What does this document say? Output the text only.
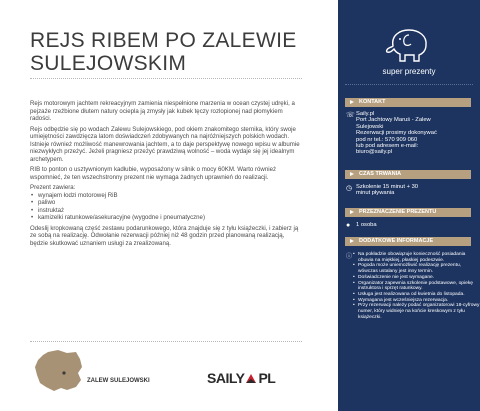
REJS RIBEM PO ZALEWIE
SULEJOWSKIM

Rejs motorowym jachtem rekreacyjnym zamienia niespełnione marzenia w ocean czystej udręki, a pejzaże rzeźbione dłutem natury ociepla ją zmysły jak kubek tęczy rozlopionej nad płomykiem radości.

Rejs odbędzie się po wodach Zalewu Sulejowskiego, pod okiem znakomitego sternika, który swoje umiejętności zawdzięcza latom doświadczeń zdobywanych na najróżniejszych polskich wodach. Istnieje również możliwość manewrowania jachtem, a to daje perspektywę nowego wpisu w albumie niezwykłych przeżyć. Jeżeli pragniesz przeżyć prawdziwą wolność – woda wydaje się jej idealnym archetypem.

RIB to ponton o usztywnionym kadłubie, wyposażony w silnik o mocy 60KM. Warto również wspomnieć, że ten wszechstronny prezent nie wymaga żadnych uprawnień do realizacji.

Prezent zawiera:
• wynajem łodzi motorowej RiB
• paliwo
• instruktaż
• kamizelki ratunkowe/asekuracyjne (wygodne i pneumatyczne)

Odeslij kropkowaną część zestawu podarunkowego, która znajduje się z tyłu książeczki, i zabierz ją ze sobą na realizację. Odwołanie rezerwacji później niż 48 godzin przed planowaną realizacją, będzie skutkować uznaniem usługi za zrealizowaną.

ZALEW SULEJOWSKI	SAILY PL
super prezenty
KONTAKT
☏ Saily.pl
Port Jachtowy Maruś - Zalew
Sulejowski
Rezerwacji prosimy dokonywać
pod nr tel.: 570 909 060
lub pod adresem e-mail:
biuro@saily.pl
CZAS TRWANIA
◷ Szkolenie 15 minut + 30
minut pływania
PRZEZNACZENIE PREZENTU
● 1 osoba
DODATKOWE INFORMACJE
ⓘ
• Na pokładzie obowiązuje konieczność posiadania obuwia na miękkiej, płaskiej podeszwie.
• Pogoda może uniemożliwić realizację prezentu, wówczas ustalany jest inny termin.
• Doświadczenie nie jest wymagane.
• Organizator zapewnia szkolenie podstawowe, opiekę instruktora i sprzęt ratunkowy.
• Usługa jest realizowana od kwietnia do listopada.
• Wymagana jest wcześniejsza rezerwacja.
• Przy rezerwacji należy podać organizatorowi 18-cyfrowy numer, który widnieje na końcie kreskowym z tyłu książeczki.
